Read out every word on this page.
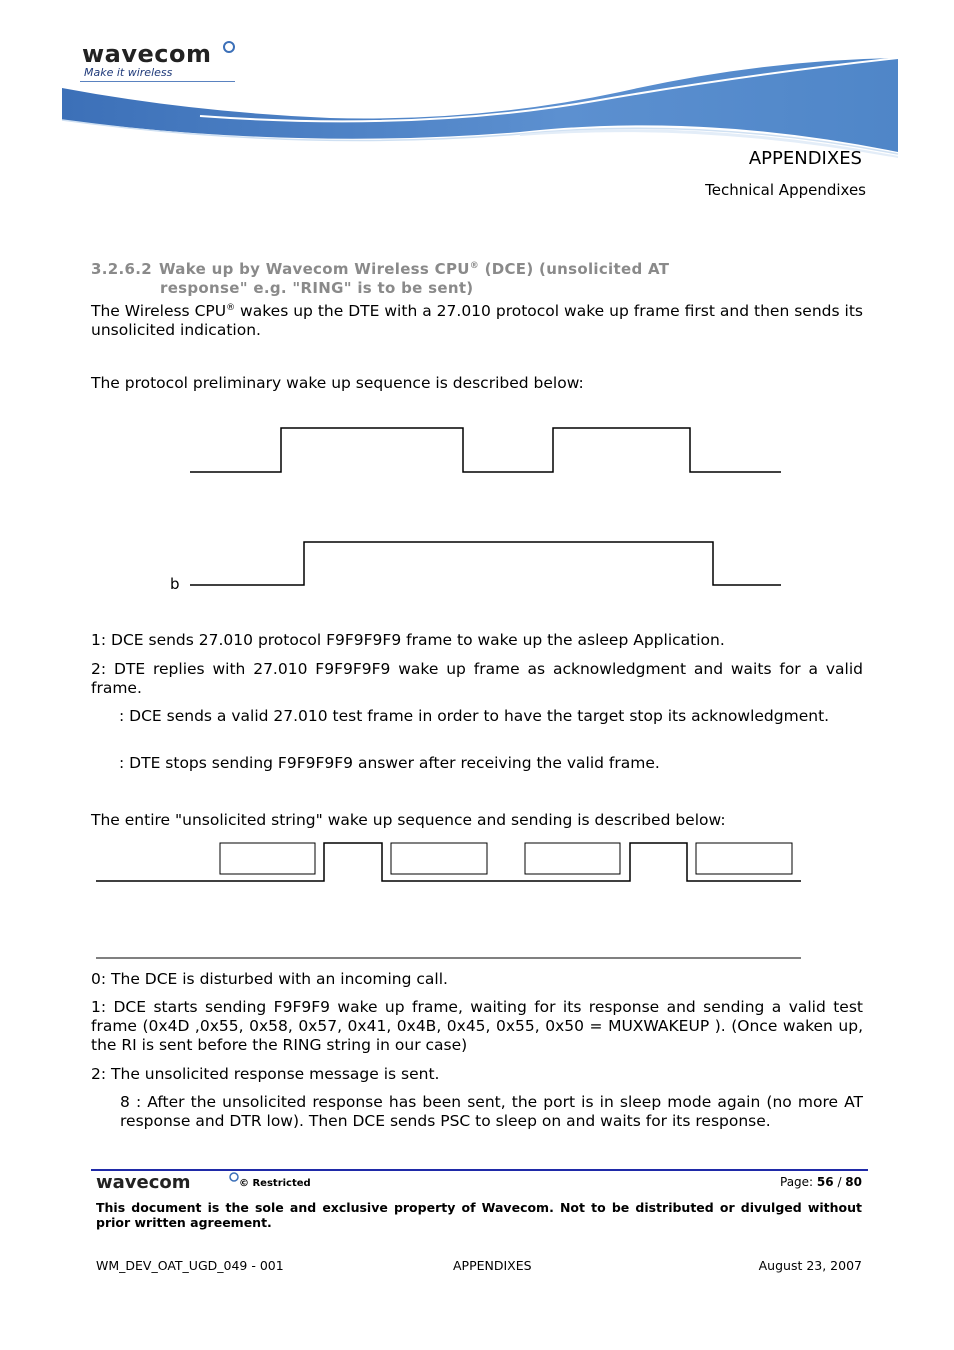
wavecom
Make it wireless
APPENDIXES
Technical Appendixes
3.2.6.2 Wake up by Wavecom Wireless CPU® (DCE) (unsolicited AT
response" e.g. "RING" is to be sent)
The Wireless CPU® wakes up the DTE with a 27.010 protocol wake up frame first and then sends its unsolicited indication.
The protocol preliminary wake up sequence is described below:
b
1: DCE sends 27.010 protocol F9F9F9F9 frame to wake up the asleep Application.
2: DTE replies with 27.010 F9F9F9F9 wake up frame as acknowledgment and waits for a valid frame.
: DCE sends a valid 27.010 test frame in order to have the target stop its acknowledgment.
: DTE stops sending F9F9F9F9 answer after receiving the valid frame.
The entire "unsolicited string" wake up sequence and sending is described below:
0: The DCE is disturbed with an incoming call.
1: DCE starts sending F9F9F9 wake up frame, waiting for its response and sending a valid test frame (0x4D ,0x55, 0x58, 0x57, 0x41, 0x4B, 0x45, 0x55, 0x50 = MUXWAKEUP ). (Once waken up, the RI is sent before the RING string in our case)
2: The unsolicited response message is sent.
8 : After the unsolicited response has been sent, the port is in sleep mode again (no more AT response and DTR low). Then DCE sends PSC to sleep on and waits for its response.
wavecom	© Restricted	Page: 56 / 80
This document is the sole and exclusive property of Wavecom. Not to be distributed or divulged without prior written agreement.
WM_DEV_OAT_UGD_049 - 001	APPENDIXES	August 23, 2007
